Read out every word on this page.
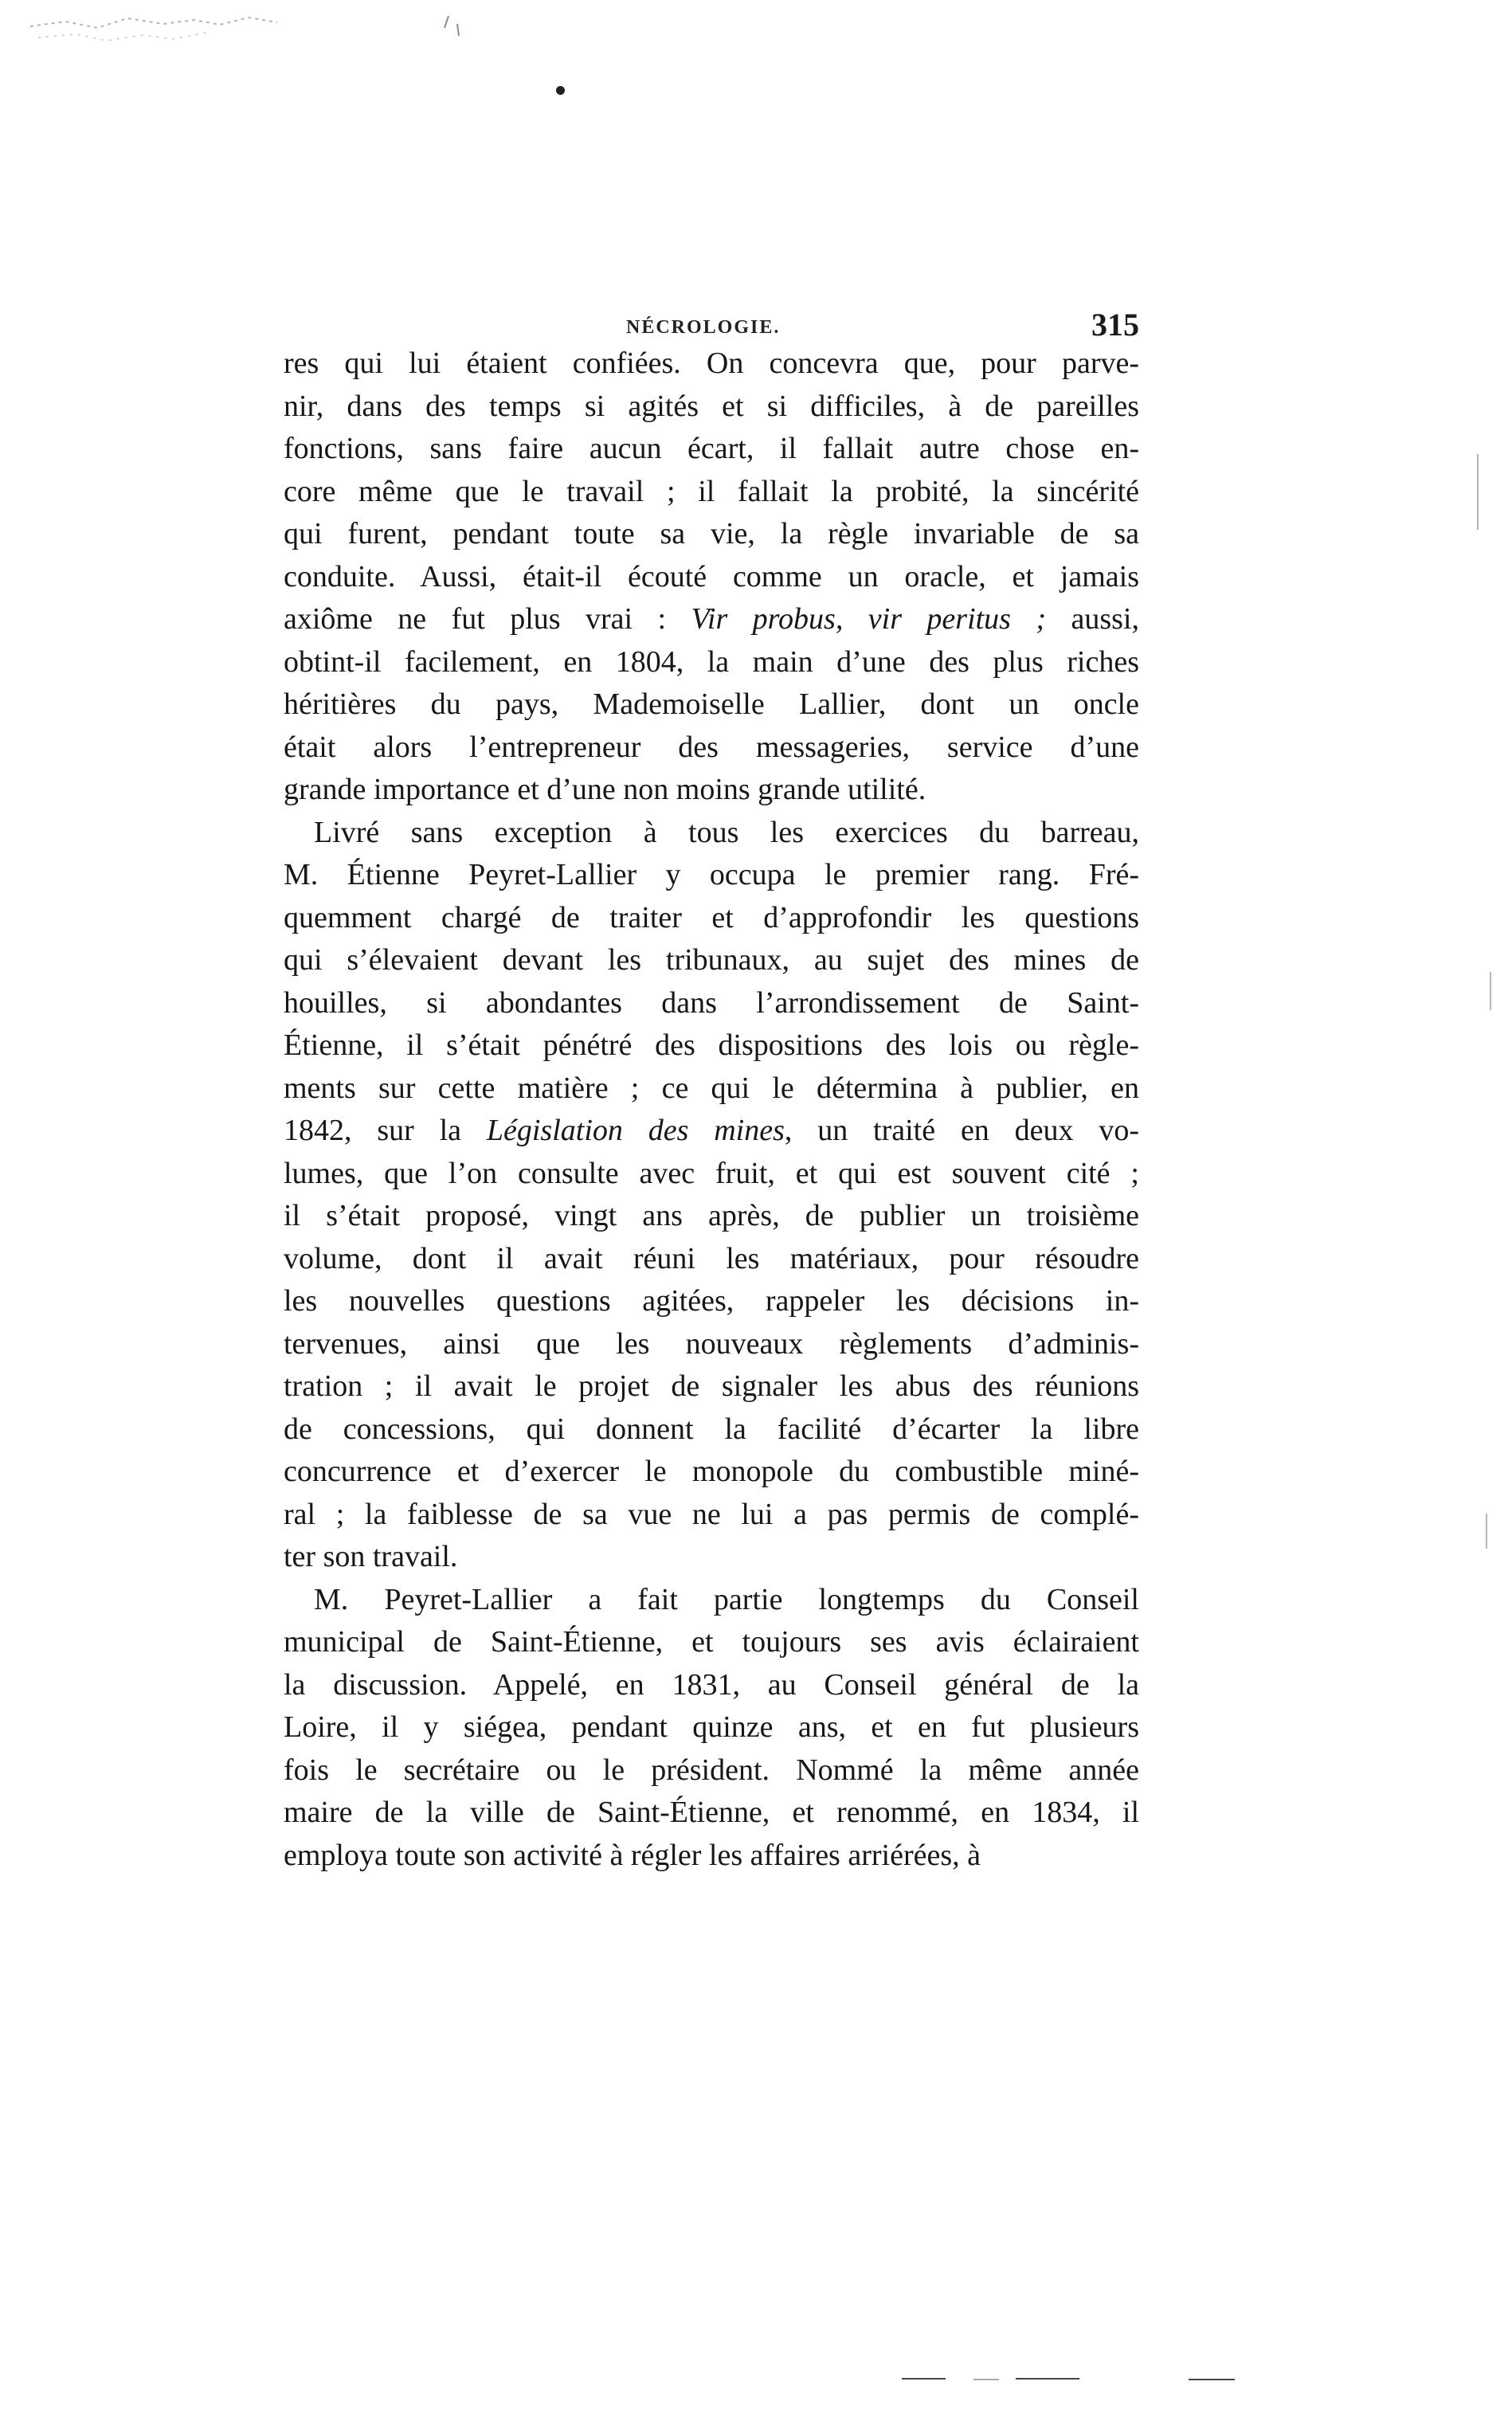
NÉCROLOGIE.	315
res qui lui étaient confiées. On concevra que, pour parve-
nir, dans des temps si agités et si difficiles, à de pareilles
fonctions, sans faire aucun écart, il fallait autre chose en-
core même que le travail ; il fallait la probité, la sincérité
qui furent, pendant toute sa vie, la règle invariable de sa
conduite. Aussi, était-il écouté comme un oracle, et jamais
axiôme ne fut plus vrai : Vir probus, vir peritus ; aussi,
obtint-il facilement, en 1804, la main d’une des plus riches
héritières du pays, Mademoiselle Lallier, dont un oncle
était alors l’entrepreneur des messageries, service d’une
grande importance et d’une non moins grande utilité.
Livré sans exception à tous les exercices du barreau,
M. Étienne Peyret-Lallier y occupa le premier rang. Fré-
quemment chargé de traiter et d’approfondir les questions
qui s’élevaient devant les tribunaux, au sujet des mines de
houilles, si abondantes dans l’arrondissement de Saint-
Étienne, il s’était pénétré des dispositions des lois ou règle-
ments sur cette matière ; ce qui le détermina à publier, en
1842, sur la Législation des mines, un traité en deux vo-
lumes, que l’on consulte avec fruit, et qui est souvent cité ;
il s’était proposé, vingt ans après, de publier un troisième
volume, dont il avait réuni les matériaux, pour résoudre
les nouvelles questions agitées, rappeler les décisions in-
tervenues, ainsi que les nouveaux règlements d’adminis-
tration ; il avait le projet de signaler les abus des réunions
de concessions, qui donnent la facilité d’écarter la libre
concurrence et d’exercer le monopole du combustible miné-
ral ; la faiblesse de sa vue ne lui a pas permis de complé-
ter son travail.
M. Peyret-Lallier a fait partie longtemps du Conseil
municipal de Saint-Étienne, et toujours ses avis éclairaient
la discussion. Appelé, en 1831, au Conseil général de la
Loire, il y siégea, pendant quinze ans, et en fut plusieurs
fois le secrétaire ou le président. Nommé la même année
maire de la ville de Saint-Étienne, et renommé, en 1834, il
employa toute son activité à régler les affaires arriérées, à
